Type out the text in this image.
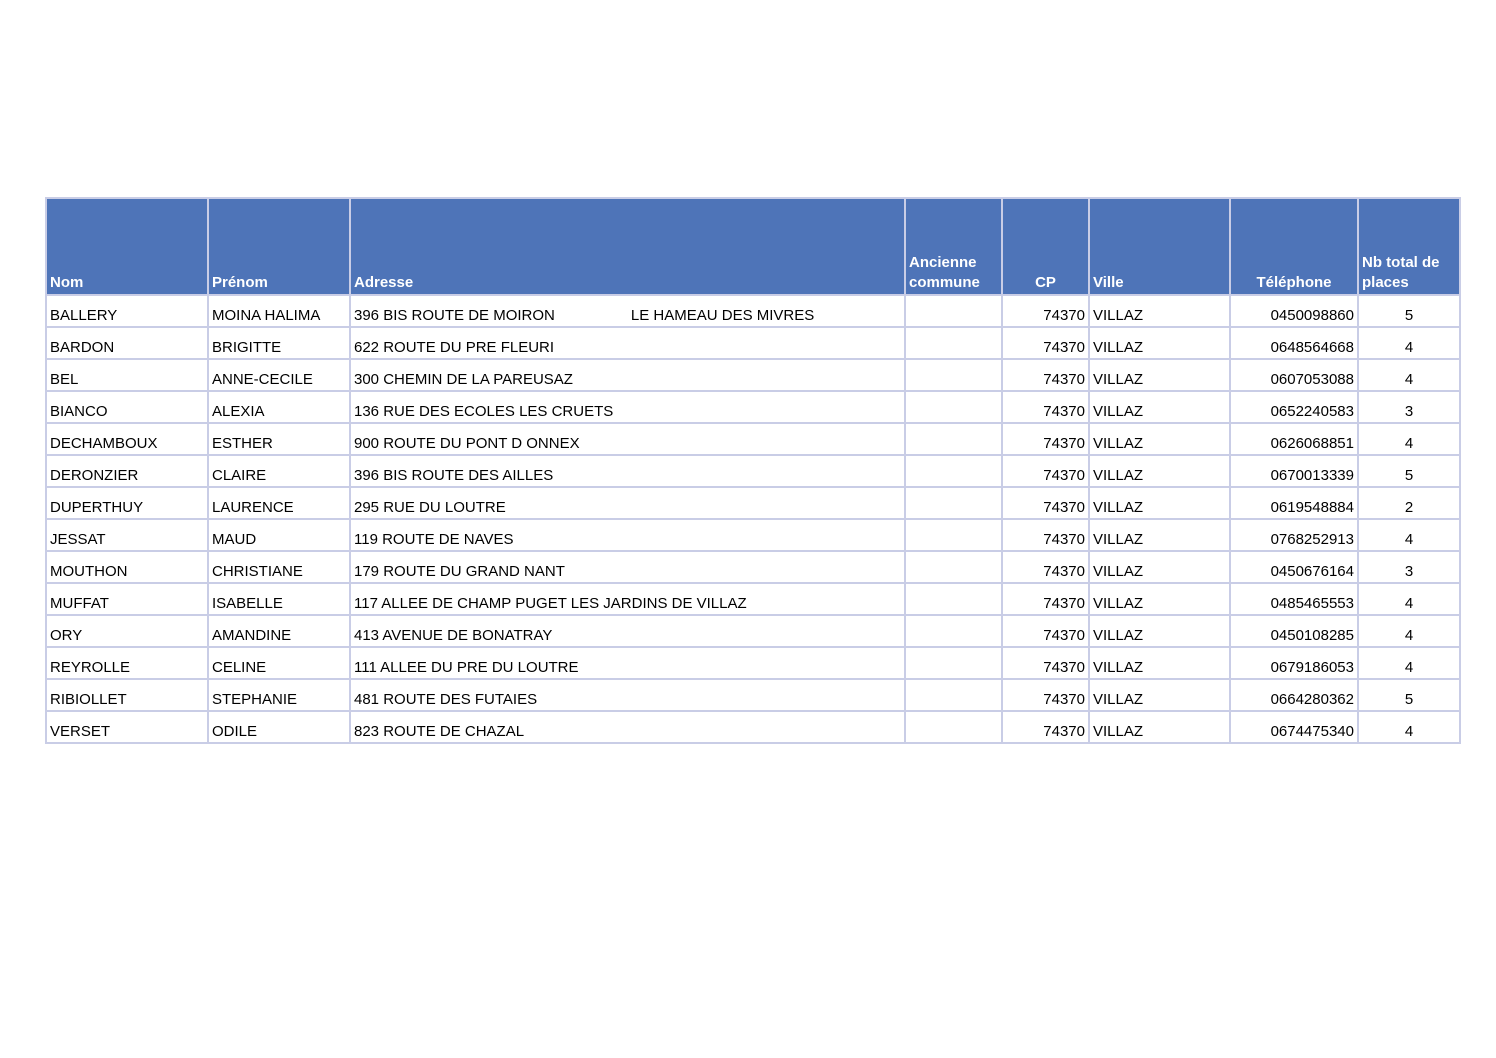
Nom	Prénom	Adresse	Ancienne commune	CP	Ville	Téléphone	Nb total de places
BALLERY	MOINA HALIMA	396 BIS ROUTE DE MOIRON LE HAMEAU DES MIVRES		74370	VILLAZ	0450098860	5
BARDON	BRIGITTE	622 ROUTE DU PRE FLEURI		74370	VILLAZ	0648564668	4
BEL	ANNE-CECILE	300 CHEMIN DE LA PAREUSAZ		74370	VILLAZ	0607053088	4
BIANCO	ALEXIA	136 RUE DES ECOLES LES CRUETS		74370	VILLAZ	0652240583	3
DECHAMBOUX	ESTHER	900 ROUTE DU PONT D ONNEX		74370	VILLAZ	0626068851	4
DERONZIER	CLAIRE	396 BIS ROUTE DES AILLES		74370	VILLAZ	0670013339	5
DUPERTHUY	LAURENCE	295 RUE DU LOUTRE		74370	VILLAZ	0619548884	2
JESSAT	MAUD	119 ROUTE DE NAVES		74370	VILLAZ	0768252913	4
MOUTHON	CHRISTIANE	179 ROUTE DU GRAND NANT		74370	VILLAZ	0450676164	3
MUFFAT	ISABELLE	117 ALLEE DE CHAMP PUGET LES JARDINS DE VILLAZ		74370	VILLAZ	0485465553	4
ORY	AMANDINE	413 AVENUE DE BONATRAY		74370	VILLAZ	0450108285	4
REYROLLE	CELINE	111 ALLEE DU PRE DU LOUTRE		74370	VILLAZ	0679186053	4
RIBIOLLET	STEPHANIE	481 ROUTE DES FUTAIES		74370	VILLAZ	0664280362	5
VERSET	ODILE	823 ROUTE DE CHAZAL		74370	VILLAZ	0674475340	4
